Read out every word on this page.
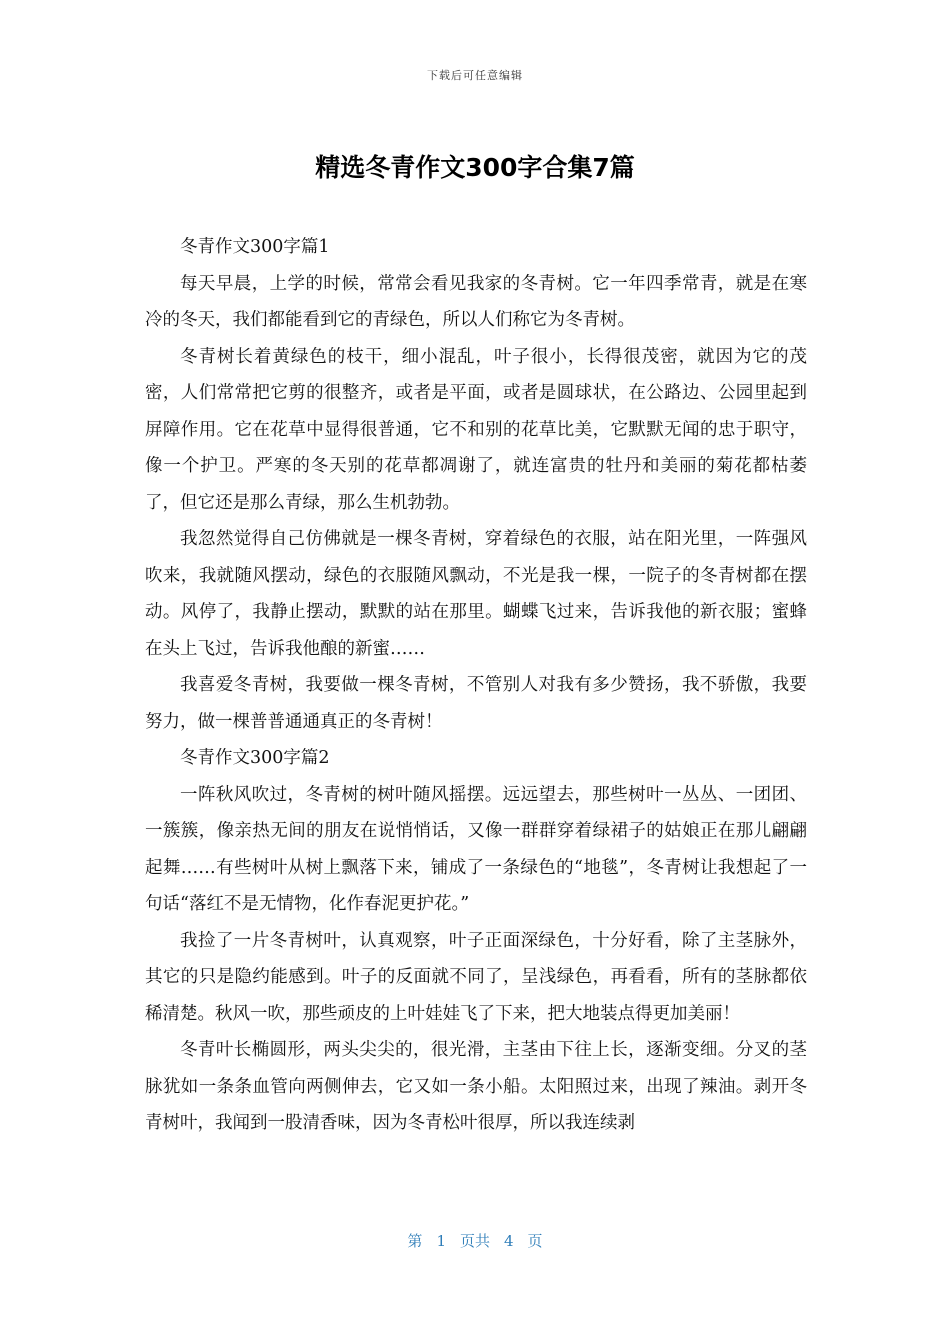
下载后可任意编辑
精选冬青作文300字合集7篇

冬青作文300字篇1

每天早晨，上学的时候，常常会看见我家的冬青树。它一年四季常青，就是在寒冷的冬天，我们都能看到它的青绿色，所以人们称它为冬青树。

冬青树长着黄绿色的枝干，细小混乱，叶子很小，长得很茂密，就因为它的茂密，人们常常把它剪的很整齐，或者是平面，或者是圆球状，在公路边、公园里起到屏障作用。它在花草中显得很普通，它不和别的花草比美，它默默无闻的忠于职守，像一个护卫。严寒的冬天别的花草都凋谢了，就连富贵的牡丹和美丽的菊花都枯萎了，但它还是那么青绿，那么生机勃勃。

我忽然觉得自己仿佛就是一棵冬青树，穿着绿色的衣服，站在阳光里，一阵强风吹来，我就随风摆动，绿色的衣服随风飘动，不光是我一棵，一院子的冬青树都在摆动。风停了，我静止摆动，默默的站在那里。蝴蝶飞过来，告诉我他的新衣服；蜜蜂在头上飞过，告诉我他酿的新蜜……

我喜爱冬青树，我要做一棵冬青树，不管别人对我有多少赞扬，我不骄傲，我要努力，做一棵普普通通真正的冬青树！

冬青作文300字篇2

一阵秋风吹过，冬青树的树叶随风摇摆。远远望去，那些树叶一丛丛、一团团、一簇簇，像亲热无间的朋友在说悄悄话，又像一群群穿着绿裙子的姑娘正在那儿翩翩起舞……有些树叶从树上飘落下来，铺成了一条绿色的“地毯”，冬青树让我想起了一句话“落红不是无情物，化作春泥更护花。”

我捡了一片冬青树叶，认真观察，叶子正面深绿色，十分好看，除了主茎脉外，其它的只是隐约能感到。叶子的反面就不同了，呈浅绿色，再看看，所有的茎脉都依稀清楚。秋风一吹，那些顽皮的上叶娃娃飞了下来，把大地装点得更加美丽！

冬青叶长椭圆形，两头尖尖的，很光滑，主茎由下往上长，逐渐变细。分叉的茎脉犹如一条条血管向两侧伸去，它又如一条小船。太阳照过来，出现了辣油。剥开冬青树叶，我闻到一股清香味，因为冬青松叶很厚，所以我连续剥

第 1 页共 4 页
